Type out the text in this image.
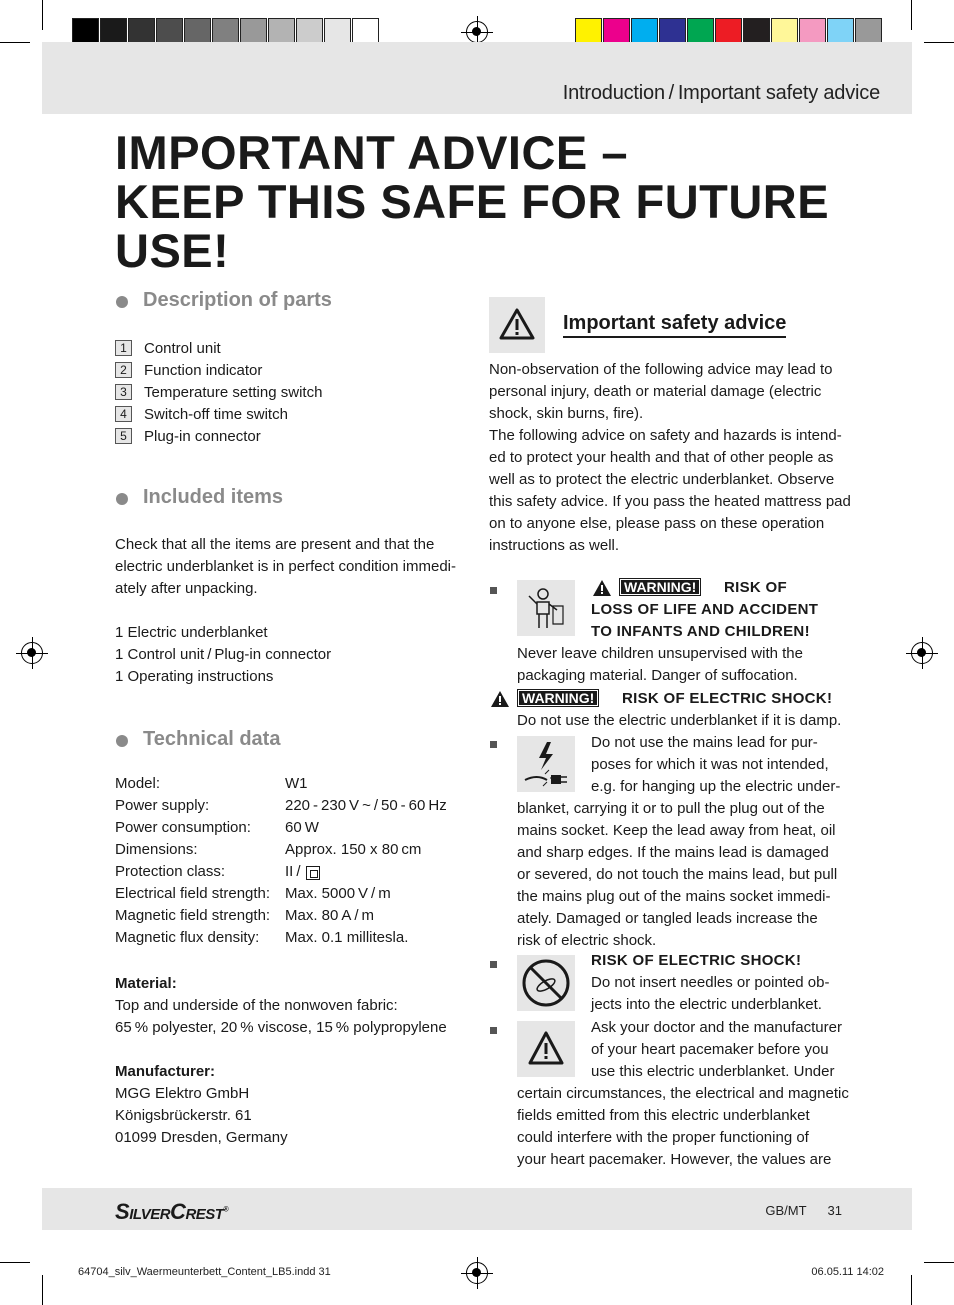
Introduction / Important safety advice
IMPORTANT ADVICE –
KEEP THIS SAFE FOR FUTURE
USE!
Description of parts
1	Control unit
2	Function indicator
3	Temperature setting switch
4	Switch-off time switch
5	Plug-in connector
Included items
Check that all the items are present and that the
electric underblanket is in perfect condition immedi-
ately after unpacking.
1 Electric underblanket
1 Control unit / Plug-in connector
1 Operating instructions
Technical data
Model:	W1
Power supply:	220 - 230 V ~ / 50 - 60 Hz
Power consumption: 60 W
Dimensions:	Approx. 150 x 80 cm
Protection class:	II / 
Electrical field strength: Max. 5000 V / m
Magnetic field strength: Max. 80 A / m
Magnetic flux density: Max. 0.1 millitesla.
Material:
Top and underside of the nonwoven fabric:
65 % polyester, 20 % viscose, 15 % polypropylene
Manufacturer:
MGG Elektro GmbH
Königsbrückerstr. 61
01099 Dresden, Germany
Important safety advice
Non-observation of the following advice may lead to
personal injury, death or material damage (electric
shock, skin burns, fire).
The following advice on safety and hazards is intend-
ed to protect your health and that of other people as
well as to protect the electric underblanket. Observe
this safety advice. If you pass the heated mattress pad
on to anyone else, please pass on these operation
instructions as well.
WARNING!	RISK OF
LOSS OF LIFE AND ACCIDENT
TO INFANTS AND CHILDREN!
Never leave children unsupervised with the
packaging material. Danger of suffocation.
WARNING!	RISK OF ELECTRIC SHOCK!
Do not use the electric underblanket if it is damp.
Do not use the mains lead for pur-
poses for which it was not intended,
e.g. for hanging up the electric under-
blanket, carrying it or to pull the plug out of the
mains socket. Keep the lead away from heat, oil
and sharp edges. If the mains lead is damaged
or severed, do not touch the mains lead, but pull
the mains plug out of the mains socket immedi-
ately. Damaged or tangled leads increase the
risk of electric shock.
RISK OF ELECTRIC SHOCK!
Do not insert needles or pointed ob-
jects into the electric underblanket.
Ask your doctor and the manufacturer
of your heart pacemaker before you
use this electric underblanket. Under
certain circumstances, the electrical and magnetic
fields emitted from this electric underblanket
could interfere with the proper functioning of
your heart pacemaker. However, the values are
SILVERCREST®	GB/MT 31
64704_silv_Waermeunterbett_Content_LB5.indd 31	06.05.11 14:02
